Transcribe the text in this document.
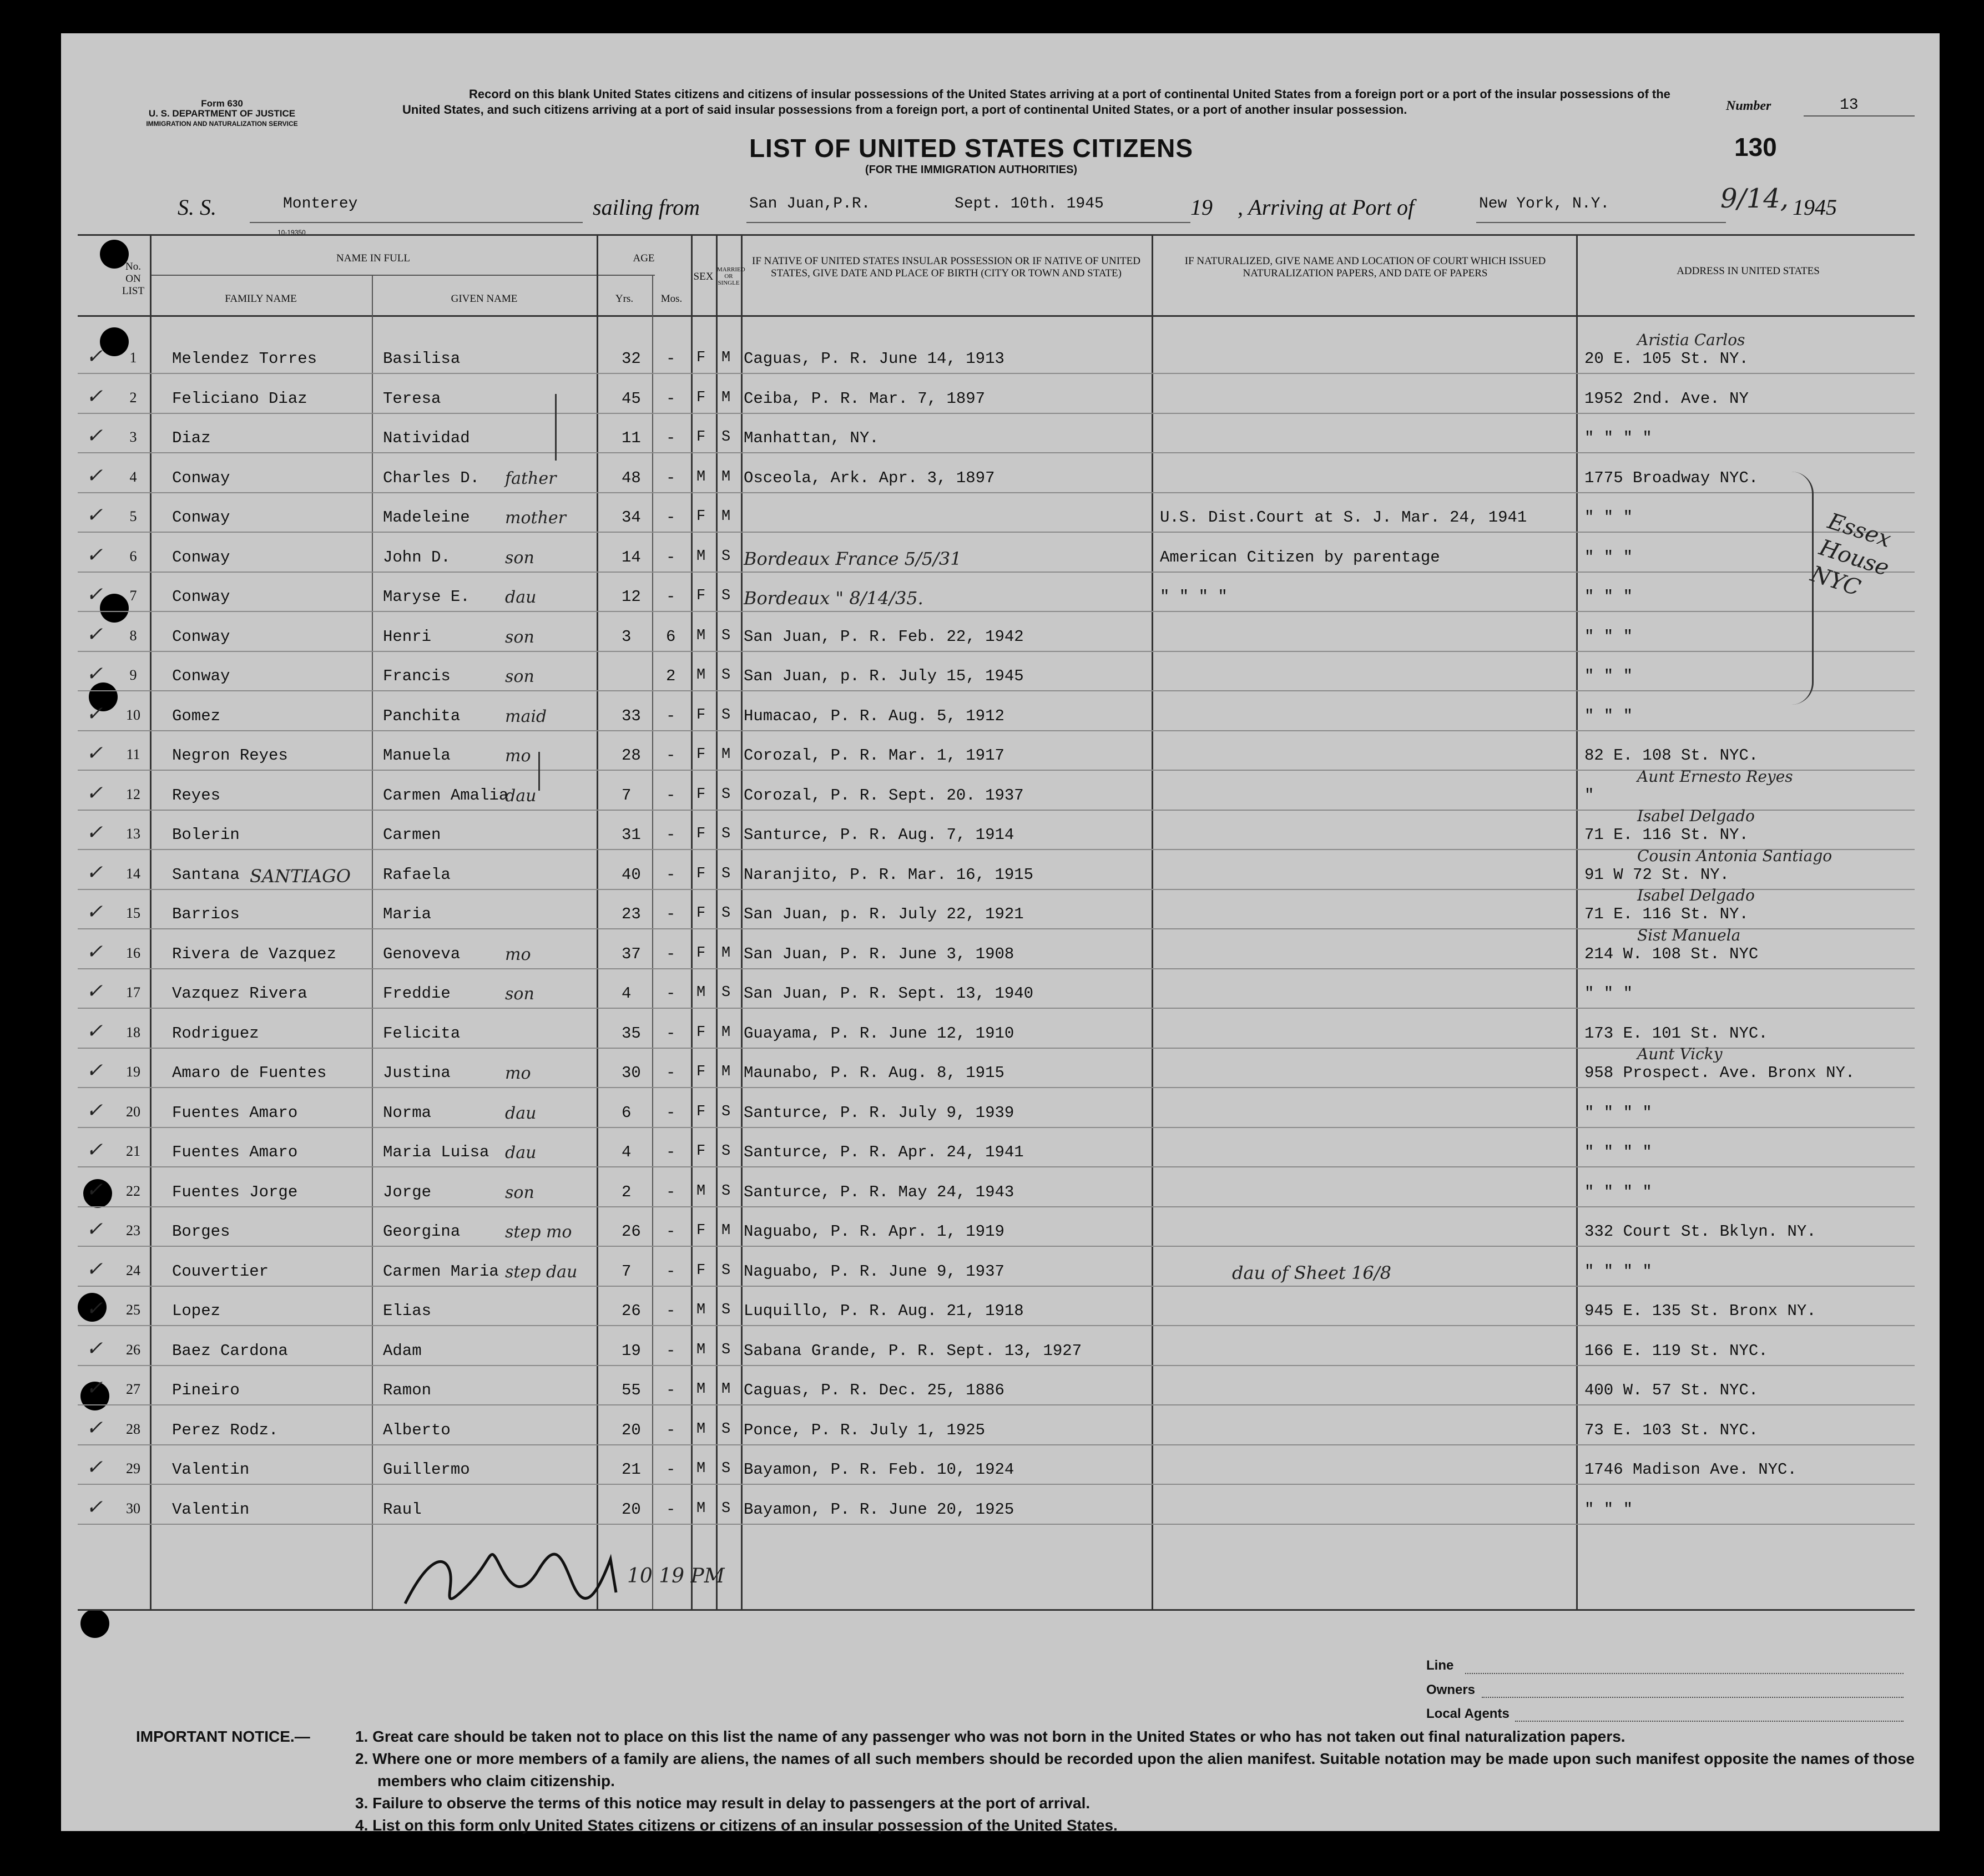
Form 630
U. S. DEPARTMENT OF JUSTICE
IMMIGRATION AND NATURALIZATION SERVICE
Record on this blank United States citizens and citizens of insular possessions of the United States arriving at a port of continental United States from a foreign port or a port of the insular possessions of the United States, and such citizens arriving at a port of said insular possessions from a foreign port, a port of continental United States, or a port of another insular possession.
LIST OF UNITED STATES CITIZENS
(FOR THE IMMIGRATION AUTHORITIES)
Number	13
130
S. S.	Monterey	sailing from	San Juan,P.R.	Sept. 10th. 1945	19 , Arriving at Port of	New York, N.Y.	9/14, 1945
10-19350
No. ON LIST
NAME IN FULL
FAMILY NAME	GIVEN NAME
AGE
Yrs.	Mos.
SEX
MARRIED OR SINGLE
IF NATIVE OF UNITED STATES INSULAR POSSESSION OR IF NATIVE OF UNITED STATES, GIVE DATE AND PLACE OF BIRTH (CITY OR TOWN AND STATE)
IF NATURALIZED, GIVE NAME AND LOCATION OF COURT WHICH ISSUED NATURALIZATION PAPERS, AND DATE OF PAPERS	ADDRESS IN UNITED STATES
✓	1	Melendez Torres	Basilisa	32 - F M Caguas, P. R. June 14, 1913	20 E. 105 St. NY.
Aristia Carlos
✓	2	Feliciano Diaz	Teresa	45 - F M Ceiba, P. R. Mar. 7, 1897	1952 2nd. Ave. NY
✓	3	Diaz	Natividad	11 - F S Manhattan, NY.	" " " "
✓	4	Conway	Charles D. father	48 - M M Osceola, Ark. Apr. 3, 1897	1775 Broadway NYC.
✓	5	Conway	Madeleine mother	34 - F M	U.S. Dist.Court at S. J. Mar. 24, 1941	" " "
✓	6	Conway	John D.	son	14 - M S Bordeaux France 5/5/31	American Citizen by parentage	" " "
✓	7	Conway	Maryse E. dau	12 - F S Bordeaux " 8/14/35.	" " " "	" " "
✓	8	Conway	Henri	son	3 6 M S San Juan, P. R. Feb. 22, 1942	" " "
✓	9	Conway	Francis	son	2 M S San Juan, p. R. July 15, 1945	" " "
✓ 10 Gomez	Panchita	maid	33 - F S Humacao, P. R. Aug. 5, 1912	" " "
✓ 11 Negron Reyes	Manuela	mo	28 - F M Corozal, P. R. Mar. 1, 1917	82 E. 108 St. NYC.
✓ 12 Reyes	Carmen Amalia
dau	7 - F S Corozal, P. R. Sept. 20. 1937	"
Aunt Ernesto Reyes
✓ 13 Bolerin	Carmen	31 - F S Santurce, P. R. Aug. 7, 1914	71 E. 116 St. NY.
Isabel Delgado
✓ 14 Santana	Rafaela	40 - F S Naranjito, P. R. Mar. 16, 1915	91 W 72 St. NY.
Cousin Antonia Santiago
SANTIAGO
✓ 15 Barrios	Maria	23 - F S San Juan, p. R. July 22, 1921	71 E. 116 St. NY.
Isabel Delgado
✓ 16 Rivera de Vazquez	Genoveva	mo	37 - F M San Juan, P. R. June 3, 1908	214 W. 108 St. NYC
Sist Manuela
✓ 17 Vazquez Rivera	Freddie	son	4 - M S San Juan, P. R. Sept. 13, 1940	" " "
✓ 18 Rodriguez	Felicita	35 - F M Guayama, P. R. June 12, 1910	173 E. 101 St. NYC.
✓ 19 Amaro de Fuentes	Justina	mo	30 - F M Maunabo, P. R. Aug. 8, 1915	958 Prospect. Ave. Bronx NY.
Aunt Vicky
✓ 20 Fuentes Amaro	Norma	dau	6 - F S Santurce, P. R. July 9, 1939	" " " "
✓ 21 Fuentes Amaro	Maria Luisa dau	4 - F S Santurce, P. R. Apr. 24, 1941	" " " "
✓ 22 Fuentes Jorge	Jorge	son	2 - M S Santurce, P. R. May 24, 1943	" " " "
✓ 23 Borges	Georgina	step mo	26 - F M Naguabo, P. R. Apr. 1, 1919	332 Court St. Bklyn. NY.
✓ 24 Couvertier	Carmen Maria step dau	7 - F S Naguabo, P. R. June 9, 1937	dau of Sheet 16/8	" " " "
✓ 25 Lopez	Elias	26 - M S Luquillo, P. R. Aug. 21, 1918	945 E. 135 St. Bronx NY.
✓ 26 Baez Cardona	Adam	19 - M S Sabana Grande, P. R. Sept. 13, 1927	166 E. 119 St. NYC.
✓ 27 Pineiro	Ramon	55 - M M Caguas, P. R. Dec. 25, 1886	400 W. 57 St. NYC.
✓ 28 Perez Rodz.	Alberto	20 - M S Ponce, P. R. July 1, 1925	73 E. 103 St. NYC.
✓ 29 Valentin	Guillermo	21 - M S Bayamon, P. R. Feb. 10, 1924	1746 Madison Ave. NYC.
✓ 30 Valentin	Raul	20 - M S Bayamon, P. R. June 20, 1925	" " "
Essex House NYC
10 19 PM
Line
Owners
Local Agents
IMPORTANT NOTICE.—	1. Great care should be taken not to place on this list the name of any passenger who was not born in the United States or who has not taken out final naturalization papers.
2. Where one or more members of a family are aliens, the names of all such members should be recorded upon the alien manifest. Suitable notation may be made upon such manifest opposite the names of those members who claim citizenship.
3. Failure to observe the terms of this notice may result in delay to passengers at the port of arrival.
4. List on this form only United States citizens or citizens of an insular possession of the United States.
